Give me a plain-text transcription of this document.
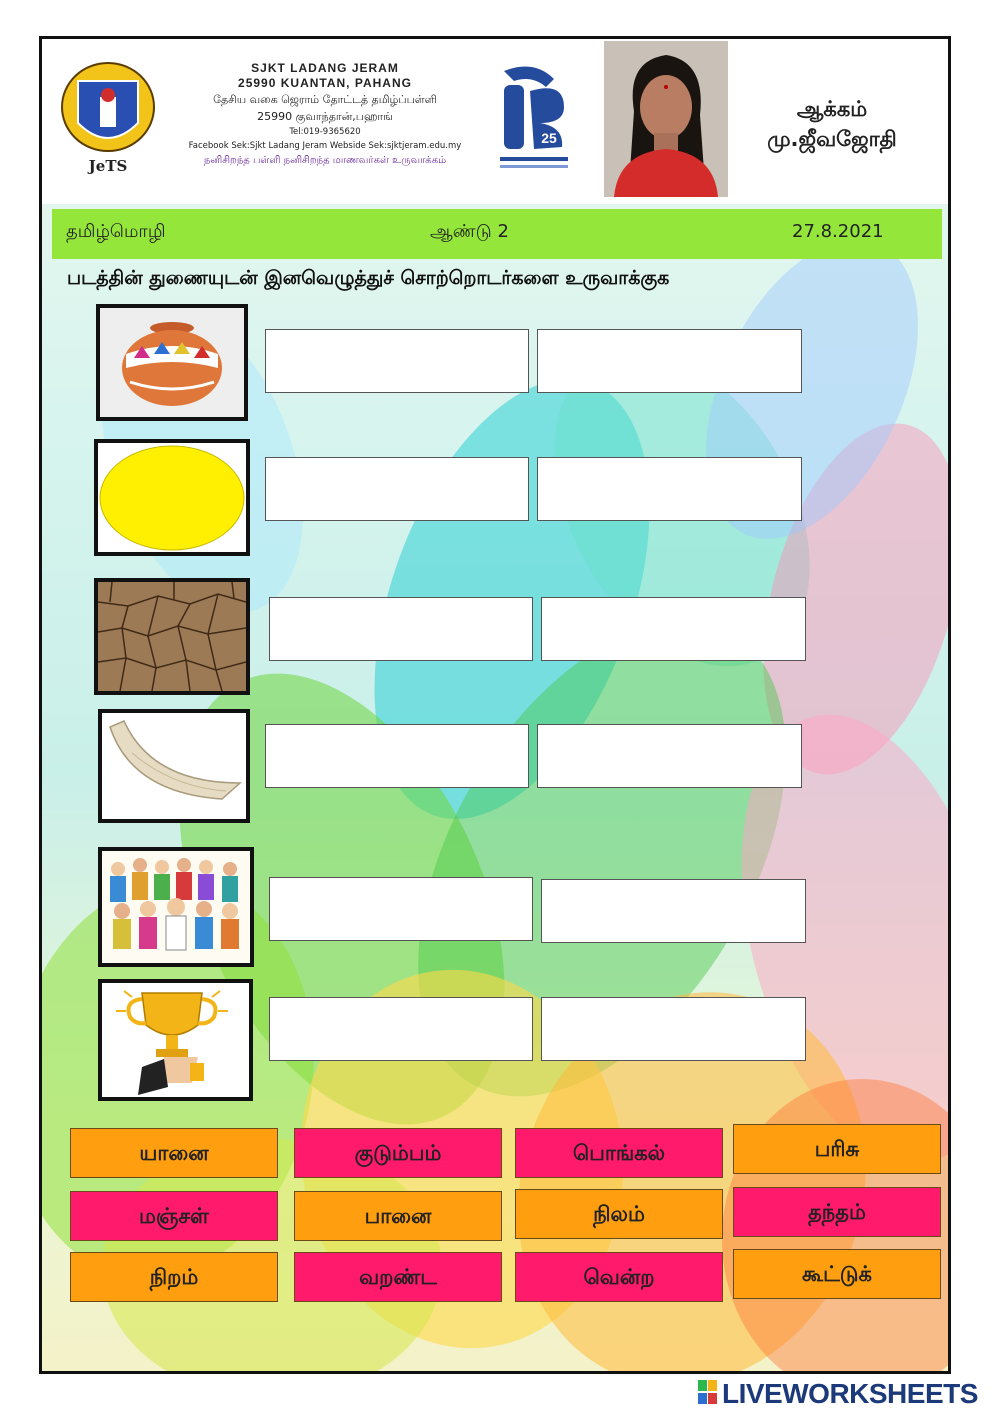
JeTS
SJKT LADANG JERAM
25990 KUANTAN, PAHANG
தேசிய வகை ஜெராம் தோட்டத் தமிழ்ப்பள்ளி
25990 குவாந்தான்,பஹாங்
Tel:019-9365620
Facebook Sek:Sjkt Ladang Jeram Webside Sek:sjktjeram.edu.my
நனிசிறந்த பள்ளி நனிசிறந்த மாணவர்கள் உருவாக்கம்
25
ஆக்கம்
மு.ஜீவஜோதி
தமிழ்மொழி	ஆண்டு 2	27.8.2021
படத்தின் துணையுடன் இனவெழுத்துச் சொற்றொடர்களை உருவாக்குக
யானை	குடும்பம்	பொங்கல்	பரிசு
மஞ்சள்	பானை	நிலம்	தந்தம்
நிறம்	வறண்ட	வென்ற	கூட்டுக்
LIVEWORKSHEETS
